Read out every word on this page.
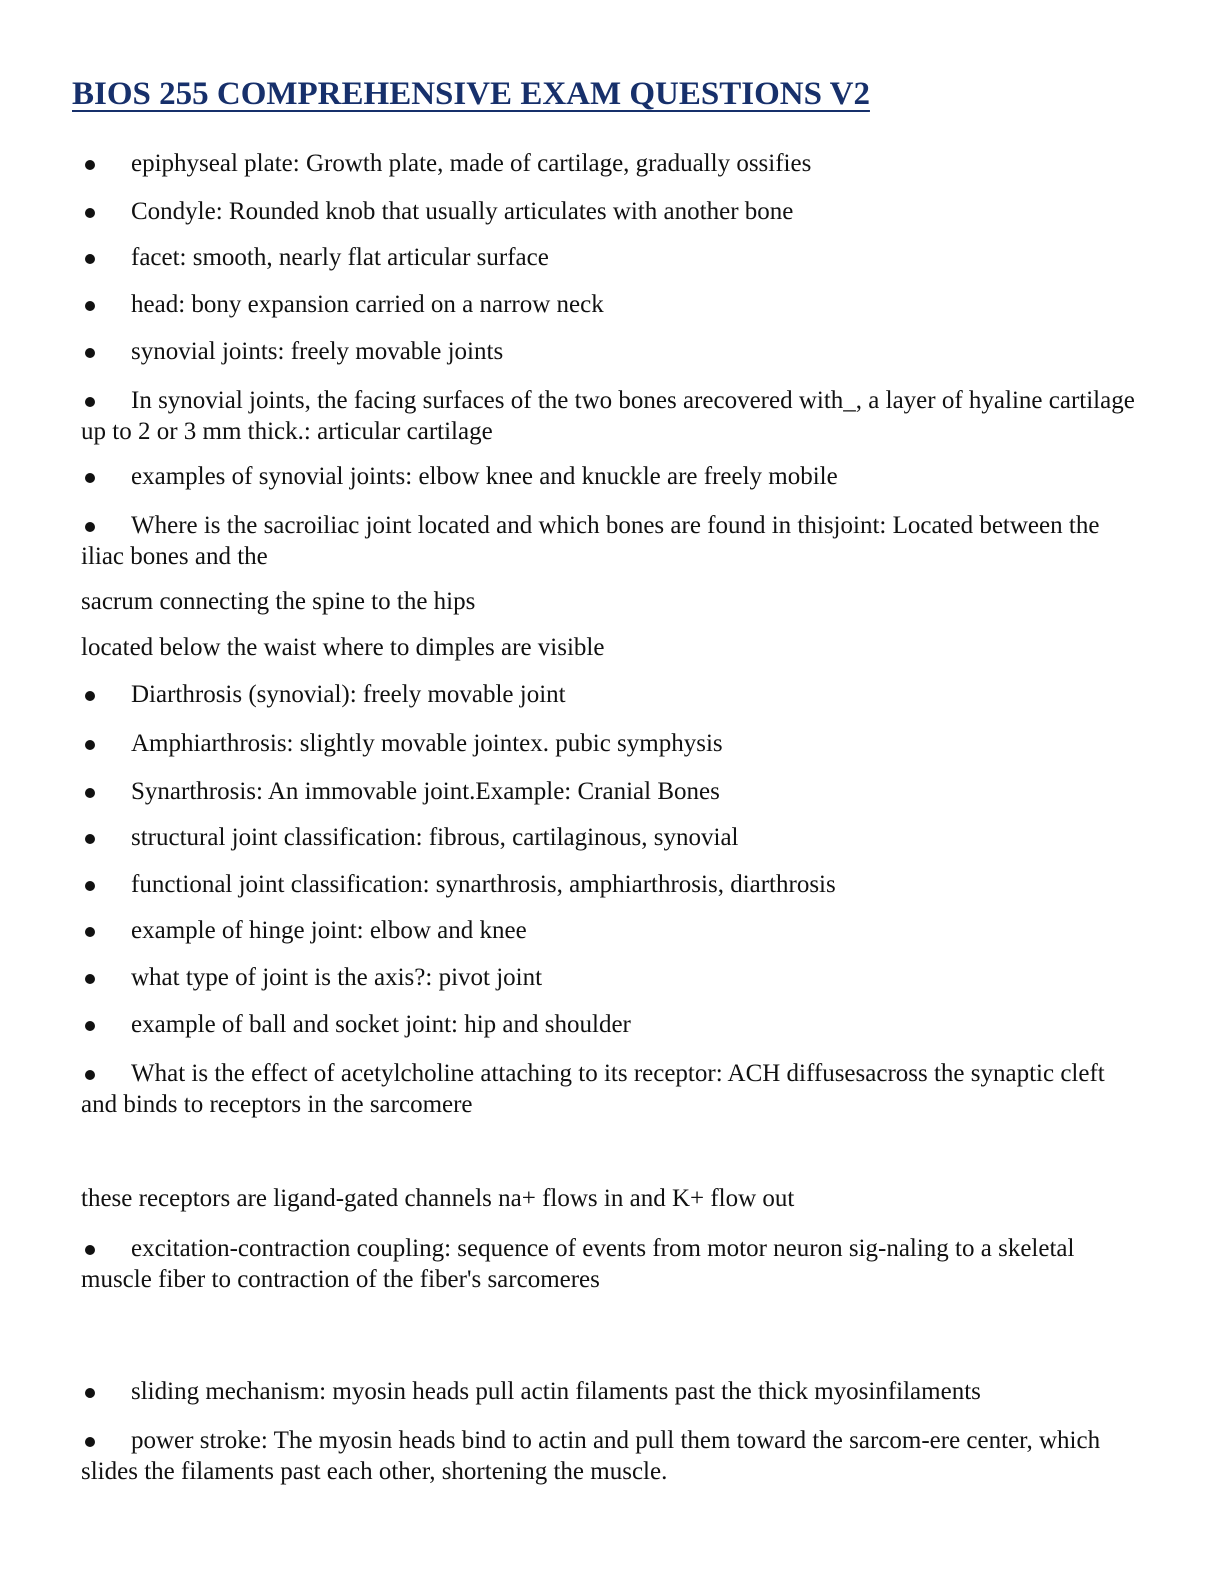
BIOS 255 COMPREHENSIVE EXAM QUESTIONS V2
epiphyseal plate: Growth plate, made of cartilage, gradually ossifies
Condyle: Rounded knob that usually articulates with another bone
facet: smooth, nearly flat articular surface
head: bony expansion carried on a narrow neck
synovial joints: freely movable joints
In synovial joints, the facing surfaces of the two bones arecovered with_, a layer of hyaline cartilage up to 2 or 3 mm thick.: articular cartilage
examples of synovial joints: elbow knee and knuckle are freely mobile
Where is the sacroiliac joint located and which bones are found in thisjoint: Located between the iliac bones and the
sacrum connecting the spine to the hips
located below the waist where to dimples are visible
Diarthrosis (synovial): freely movable joint
Amphiarthrosis: slightly movable jointex. pubic symphysis
Synarthrosis: An immovable joint.Example: Cranial Bones
structural joint classification: fibrous, cartilaginous, synovial
functional joint classification: synarthrosis, amphiarthrosis, diarthrosis
example of hinge joint: elbow and knee
what type of joint is the axis?: pivot joint
example of ball and socket joint: hip and shoulder
What is the effect of acetylcholine attaching to its receptor: ACH diffusesacross the synaptic cleft and binds to receptors in the sarcomere
these receptors are ligand-gated channels na+ flows in and K+ flow out
excitation-contraction coupling: sequence of events from motor neuron sig-naling to a skeletal muscle fiber to contraction of the fiber's sarcomeres
sliding mechanism: myosin heads pull actin filaments past the thick myosinfilaments
power stroke: The myosin heads bind to actin and pull them toward the sarcom-ere center, which slides the filaments past each other, shortening the muscle.
